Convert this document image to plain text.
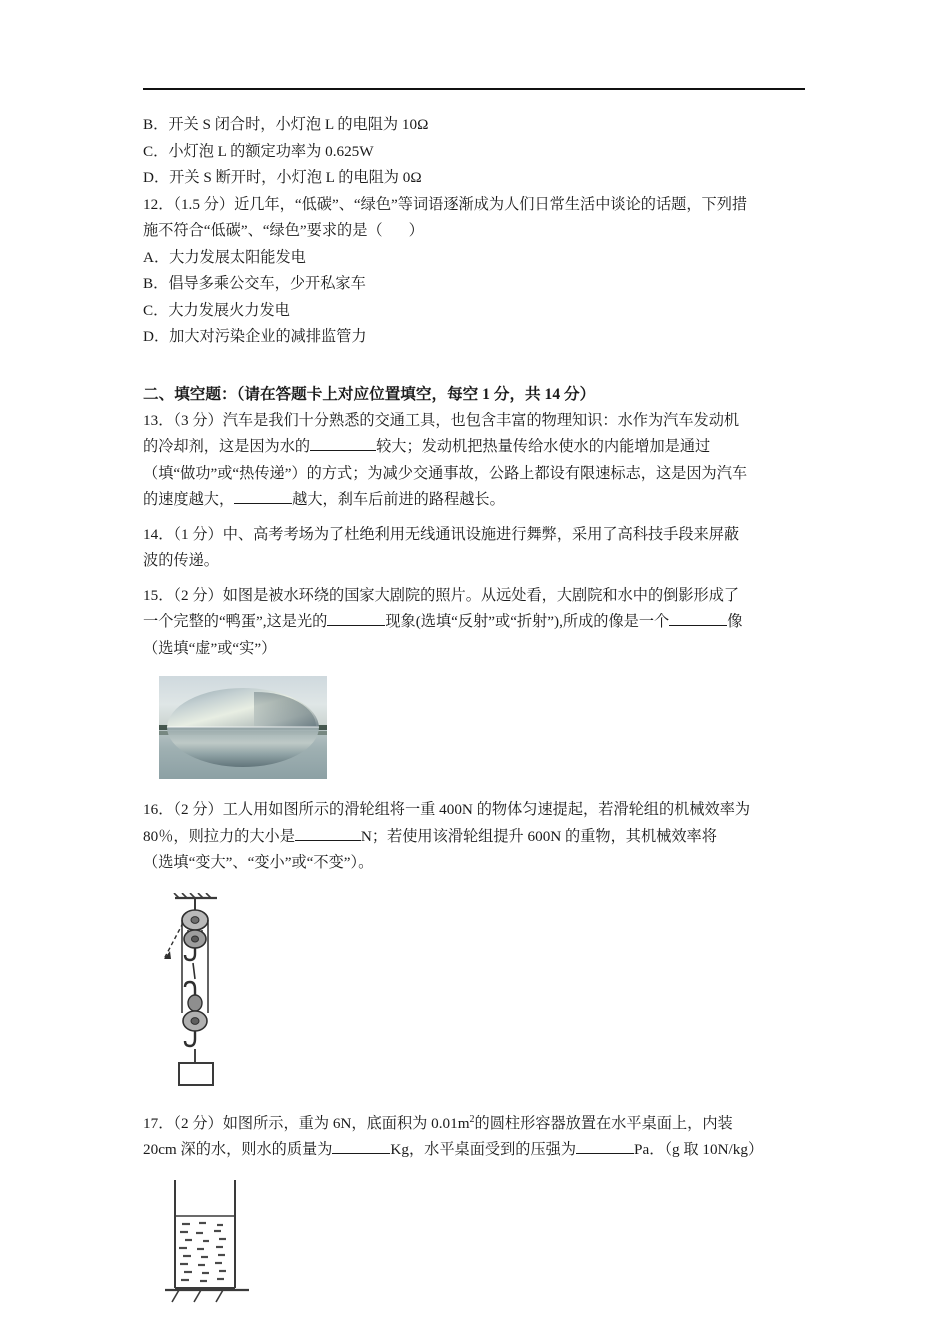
B．开关 S 闭合时，小灯泡 L 的电阻为 10Ω

C．小灯泡 L 的额定功率为 0.625W

D．开关 S 断开时，小灯泡 L 的电阻为 0Ω

12．（1.5 分）近几年，“低碳”、“绿色”等词语逐渐成为人们日常生活中谈论的话题，下列措

施不符合“低碳”、“绿色”要求的是（ ）

A．大力发展太阳能发电

B．倡导多乘公交车，少开私家车

C．大力发展火力发电

D．加大对污染企业的减排监管力

二、填空题：（请在答题卡上对应位置填空，每空 1 分，共 14 分）

13．（3 分）汽车是我们十分熟悉的交通工具，也包含丰富的物理知识：水作为汽车发动机

的冷却剂，这是因为水的	较大；发动机把热量传给水使水的内能增加是通过

（填“做功”或“热传递”）的方式；为减少交通事故，公路上都设有限速标志，这是因为汽车

的速度越大，	越大，刹车后前进的路程越长。

14．（1 分）中、高考考场为了杜绝利用无线通讯设施进行舞弊，采用了高科技手段来屏蔽

波的传递。

15．（2 分）如图是被水环绕的国家大剧院的照片。从远处看，大剧院和水中的倒影形成了

一个完整的“鸭蛋”,这是光的	现象(选填“反射”或“折射”),所成的像是一个	像

（选填“虚”或“实”）

16．（2 分）工人用如图所示的滑轮组将一重 400N 的物体匀速提起，若滑轮组的机械效率为

80％，则拉力的大小是	N；若使用该滑轮组提升 600N 的重物，其机械效率将

（选填“变大”、“变小”或“不变”）。

17．（2 分）如图所示，重为 6N，底面积为 $0.01m^2$的圆柱形容器放置在水平桌面上，内装

20cm 深的水，则水的质量为	Kg，水平桌面受到的压强为	Pa．（g 取 10N/kg）
